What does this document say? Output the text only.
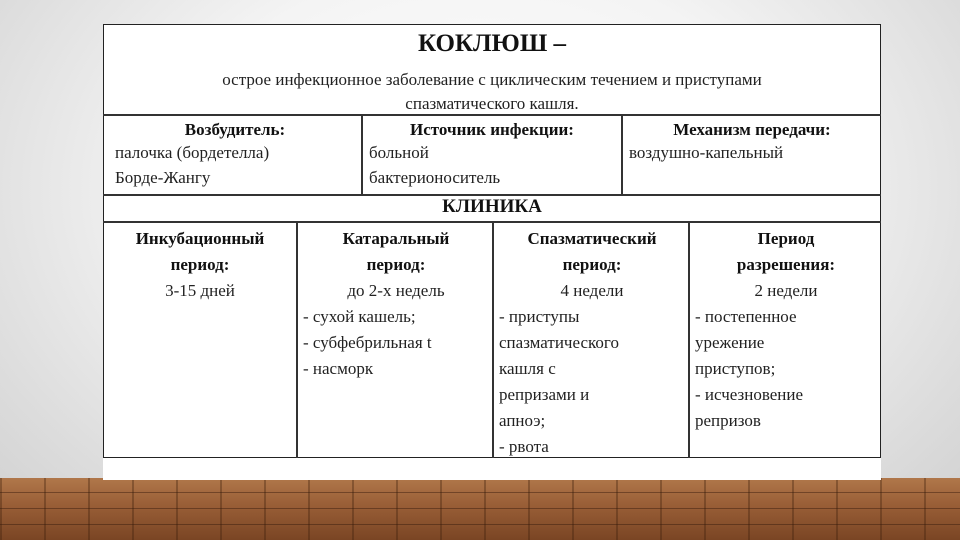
КОКЛЮШ –
острое инфекционное заболевание с циклическим течением и приступами
спазматического кашля.
Возбудитель:
палочка (бордетелла)
Борде-Жангу
Источник инфекции:
больной
бактерионоситель
Механизм передачи:
воздушно-капельный
КЛИНИКА
Инкубационный
период:
3-15 дней
Катаральный
период:
до 2-х недель
- сухой кашель;
- субфебрильная t
- насморк
Спазматический
период:
4 недели
- приступы
спазматического
кашля с
репризами и
апноэ;
- рвота
Период
разрешения:
2 недели
- постепенное
урежение
приступов;
- исчезновение
репризов
